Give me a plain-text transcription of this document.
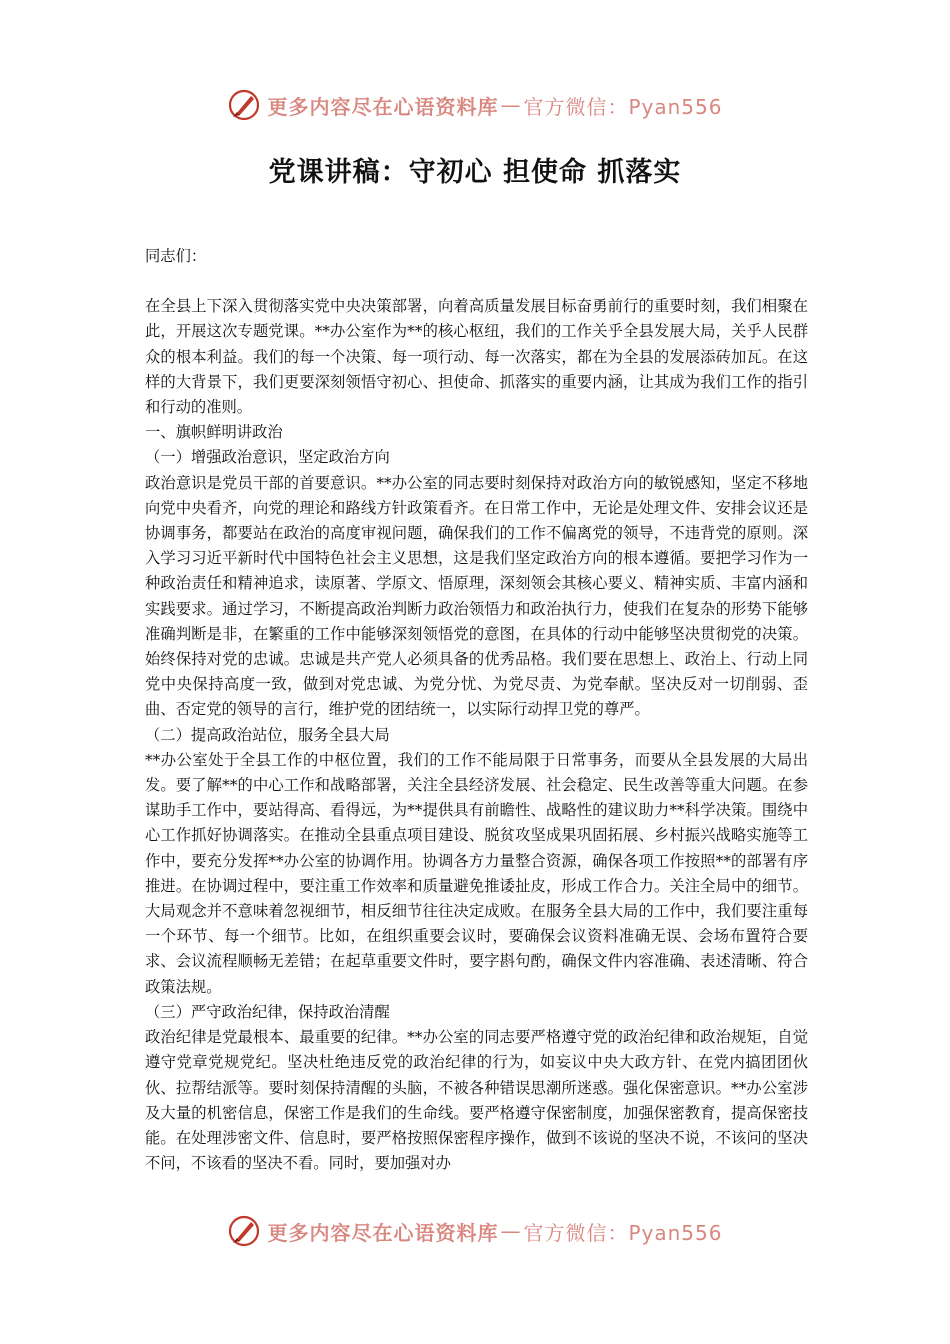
更多内容尽在心语资料库 — 官方微信：Pyan556
党课讲稿：守初心 担使命 抓落实

同志们：

在全县上下深入贯彻落实党中央决策部署，向着高质量发展目标奋勇前行的重要时刻，我们相聚在此，开展这次专题党课。**办公室作为**的核心枢纽，我们的工作关乎全县发展大局，关乎人民群众的根本利益。我们的每一个决策、每一项行动、每一次落实，都在为全县的发展添砖加瓦。在这样的大背景下，我们更要深刻领悟守初心、担使命、抓落实的重要内涵，让其成为我们工作的指引和行动的准则。

一、旗帜鲜明讲政治

（一）增强政治意识，坚定政治方向

政治意识是党员干部的首要意识。**办公室的同志要时刻保持对政治方向的敏锐感知，坚定不移地向党中央看齐，向党的理论和路线方针政策看齐。在日常工作中，无论是处理文件、安排会议还是协调事务，都要站在政治的高度审视问题，确保我们的工作不偏离党的领导，不违背党的原则。深入学习习近平新时代中国特色社会主义思想，这是我们坚定政治方向的根本遵循。要把学习作为一种政治责任和精神追求，读原著、学原文、悟原理，深刻领会其核心要义、精神实质、丰富内涵和实践要求。通过学习，不断提高政治判断力政治领悟力和政治执行力，使我们在复杂的形势下能够准确判断是非，在繁重的工作中能够深刻领悟党的意图，在具体的行动中能够坚决贯彻党的决策。始终保持对党的忠诚。忠诚是共产党人必须具备的优秀品格。我们要在思想上、政治上、行动上同党中央保持高度一致，做到对党忠诚、为党分忧、为党尽责、为党奉献。坚决反对一切削弱、歪曲、否定党的领导的言行，维护党的团结统一，以实际行动捍卫党的尊严。

（二）提高政治站位，服务全县大局

**办公室处于全县工作的中枢位置，我们的工作不能局限于日常事务，而要从全县发展的大局出发。要了解**的中心工作和战略部署，关注全县经济发展、社会稳定、民生改善等重大问题。在参谋助手工作中，要站得高、看得远，为**提供具有前瞻性、战略性的建议助力**科学决策。围绕中心工作抓好协调落实。在推动全县重点项目建设、脱贫攻坚成果巩固拓展、乡村振兴战略实施等工作中，要充分发挥**办公室的协调作用。协调各方力量整合资源，确保各项工作按照**的部署有序推进。在协调过程中，要注重工作效率和质量避免推诿扯皮，形成工作合力。关注全局中的细节。大局观念并不意味着忽视细节，相反细节往往决定成败。在服务全县大局的工作中，我们要注重每一个环节、每一个细节。比如，在组织重要会议时，要确保会议资料准确无误、会场布置符合要求、会议流程顺畅无差错；在起草重要文件时，要字斟句酌，确保文件内容准确、表述清晰、符合政策法规。

（三）严守政治纪律，保持政治清醒

政治纪律是党最根本、最重要的纪律。**办公室的同志要严格遵守党的政治纪律和政治规矩，自觉遵守党章党规党纪。坚决杜绝违反党的政治纪律的行为，如妄议中央大政方针、在党内搞团团伙伙、拉帮结派等。要时刻保持清醒的头脑，不被各种错误思潮所迷惑。强化保密意识。**办公室涉及大量的机密信息，保密工作是我们的生命线。要严格遵守保密制度，加强保密教育，提高保密技能。在处理涉密文件、信息时，要严格按照保密程序操作，做到不该说的坚决不说，不该问的坚决不问，不该看的坚决不看。同时，要加强对办

更多内容尽在心语资料库 — 官方微信：Pyan556
